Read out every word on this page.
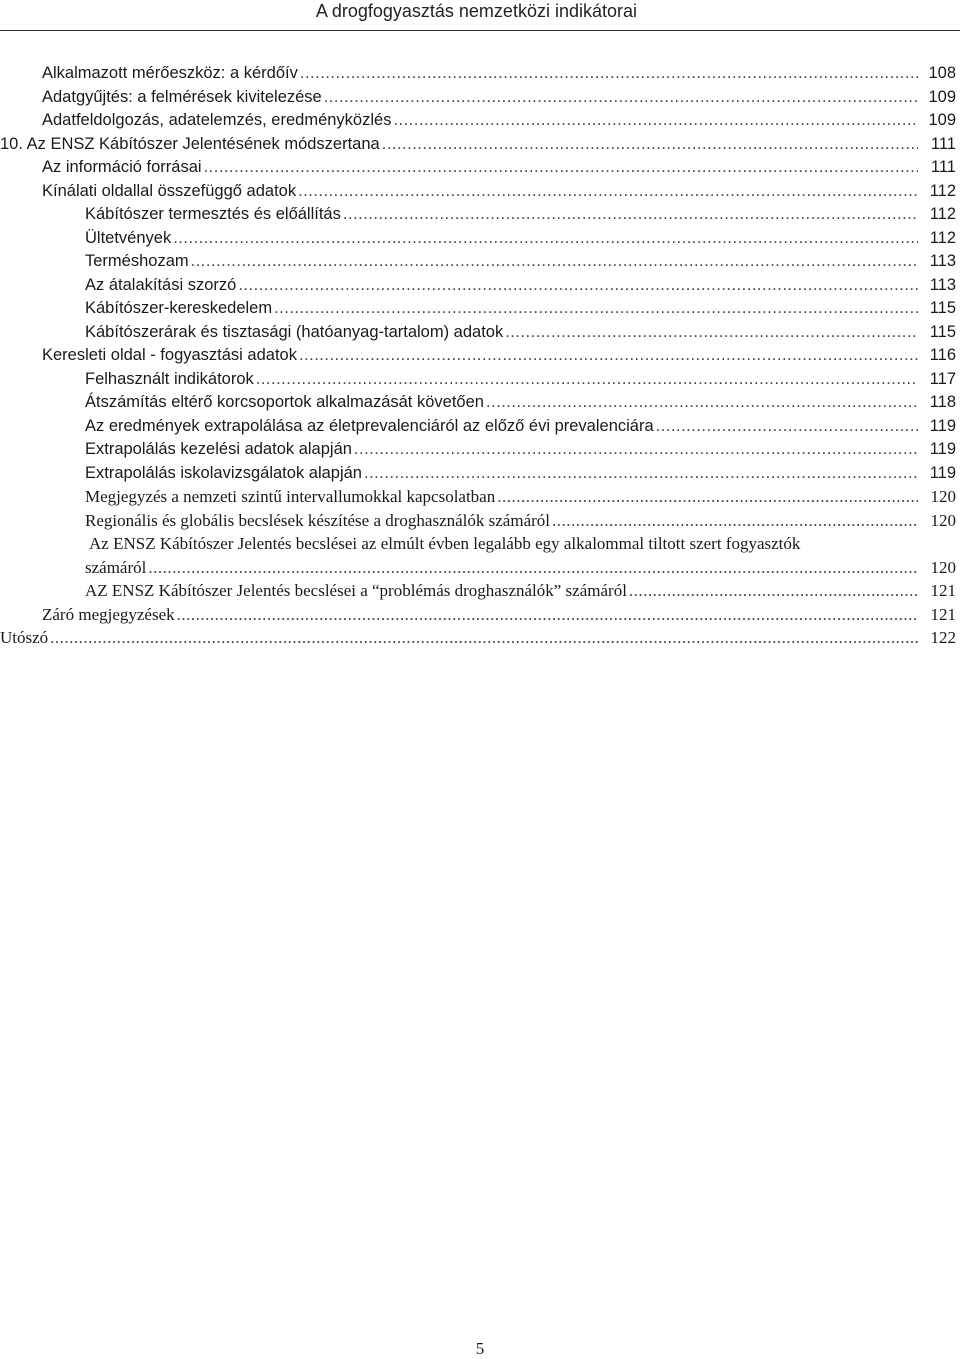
A drogfogyasztás nemzetközi indikátorai
Alkalmazott mérőeszköz: a kérdőív .....	108
Adatgyűjtés: a felmérések kivitelezése .....	109
Adatfeldolgozás, adatelemzés, eredményközlés .....	109
10. Az ENSZ Kábítószer Jelentésének módszertana .....	111
Az információ forrásai .....	111
Kínálati oldallal összefüggő adatok .....	112
Kábítószer termesztés és előállítás .....	112
Ültetvények .....	112
Terméshozam .....	113
Az átalakítási szorzó .....	113
Kábítószer-kereskedelem .....	115
Kábítószerárak és tisztasági (hatóanyag-tartalom) adatok .....	115
Keresleti oldal - fogyasztási adatok .....	116
Felhasznált indikátorok .....	117
Átszámítás eltérő korcsoportok alkalmazását követően .....	118
Az eredmények extrapolálása az életprevalenciáról az előző évi prevalenciára .....	119
Extrapolálás kezelési adatok alapján .....	119
Extrapolálás iskolavizsgálatok alapján .....	119
Megjegyzés a nemzeti szintű intervallumokkal kapcsolatban .....	120
Regionális és globális becslések készítése a droghasználók számáról .....	120
Az ENSZ Kábítószer Jelentés becslései az elmúlt évben legalább egy alkalommal tiltott szert fogyasztók
számáról .....	120
AZ ENSZ Kábítószer Jelentés becslései a “problémás droghasználók” számáról .....	121
Záró megjegyzések .....	121
Utószó .....	122
5
